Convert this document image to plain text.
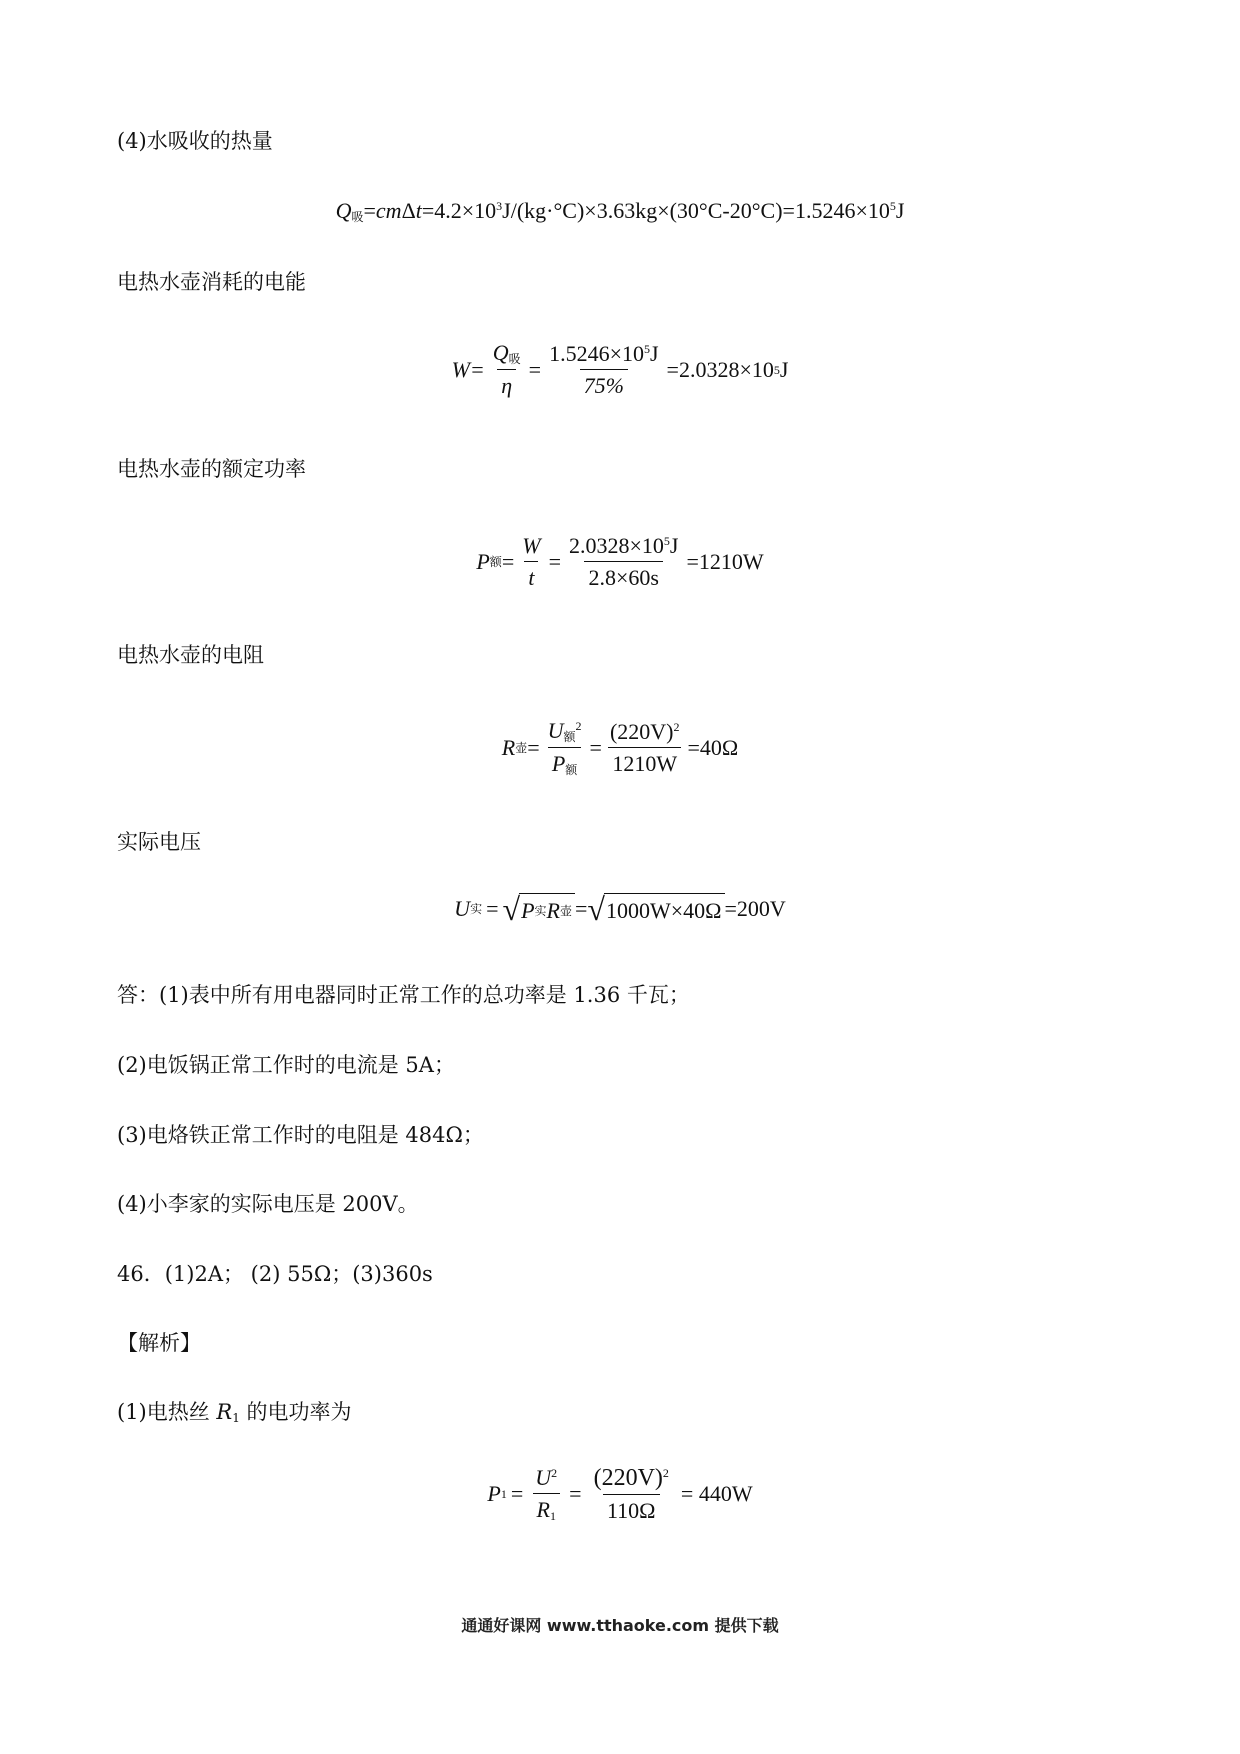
(4)水吸收的热量
$Q_吸=cm\Delta t=4.2\times 10^3J/(kg\cdot^\circ C)\times 3.63kg\times(30^\circ C-20^\circ C)=1.5246\times 10^5J$
电热水壶消耗的电能
$W= \frac{Q_吸}{\eta} = \frac{1.5246\times 10^5J}{75\%} =2.0328\times 10$ 5 J
电热水壶的额定功率
P 额 = $\frac{W}{t} = \frac{2.0328\times 10^5J}{2.8\times 60s} =1210W$
电热水壶的电阻
R 壶 = $\frac{U_额^2}{P_额} = \frac{(220V)^2}{1210W} =40\Omega$
实际电压
U 实 = √ P 实 R 壶 = √ 1000W×40Ω =200V
答：(1)表中所有用电器同时正常工作的总功率是 1.36 千瓦；
(2)电饭锅正常工作时的电流是 5A；
(3)电烙铁正常工作时的电阻是 484Ω；
(4)小李家的实际电压是 200V。
46．(1)2A； (2) 55Ω；(3)360s
【解析】
(1)电热丝 $R_1$ 的电功率为
P $1 = \frac{U^2}{R_1} = \frac{(220V)^2}{110\Omega} = 440W$
通通好课网 www.tthaoke.com 提供下载
